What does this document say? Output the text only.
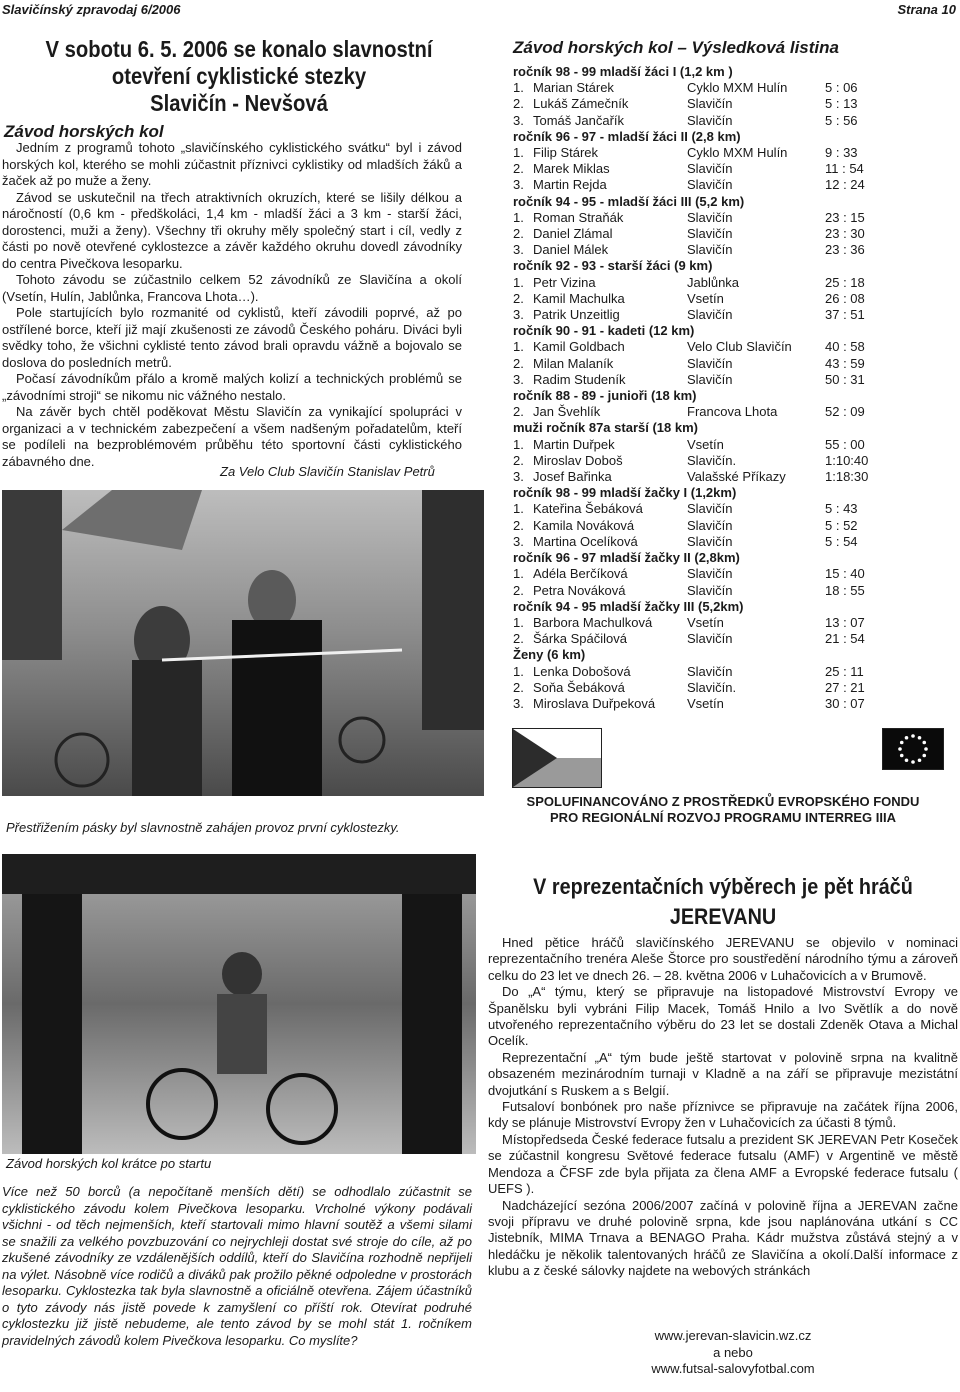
Slavičínský zpravodaj 6/2006	Strana 10
V sobotu 6. 5. 2006 se konalo slavnostní
otevření cyklistické stezky
Slavičín - Nevšová
Závod horských kol

Jedním z programů tohoto „slavičínského cyklistického svátku“ byl i závod horských kol, kterého se mohli zúčastnit příznivci cyklistiky od mladších žáků a žaček až po muže a ženy.

Závod se uskutečnil na třech atraktivních okruzích, které se lišily délkou a náročností (0,6 km - předškoláci, 1,4 km - mladší žáci a 3 km - starší žáci, dorostenci, muži a ženy). Všechny tři okruhy měly společný start i cíl, vedly z části po nově otevřené cyklostezce a závěr každého okruhu dovedl závodníky do centra Pivečkova lesoparku.

Tohoto závodu se zúčastnilo celkem 52 závodníků ze Slavičína a okolí (Vsetín, Hulín, Jablůnka, Francova Lhota…).

Pole startujících bylo rozmanité od cyklistů, kteří závodili poprvé, až po ostřílené borce, kteří již mají zkušenosti ze závodů Českého poháru. Diváci byli svědky toho, že všichni cyklisté tento závod brali opravdu vážně a bojovalo se doslova do posledních metrů.

Počasí závodníkům přálo a kromě malých kolizí a technických problémů se „závodními stroji“ se nikomu nic vážného nestalo.

Na závěr bych chtěl poděkovat Městu Slavičín za vynikající spolupráci v organizaci a v technickém zabezpečení a všem nadšeným pořadatelům, kteří se podíleli na bezproblémovém průběhu této sportovní části cyklistického zábavného dne.

Za Velo Club Slavičín Stanislav Petrů
Přestřižením pásky byl slavnostně zahájen provoz první cyklostezky.
Závod horských kol krátce po startu
Více než 50 borců (a nepočítaně menších dětí) se odhodlalo zúčastnit se cyklistického závodu kolem Pivečkova lesoparku. Vrcholné výkony podávali všichni - od těch nejmenších, kteří startovali mimo hlavní soutěž a všemi silami se snažili za velkého povzbuzování co nejrychleji dostat své stroje do cíle, až po zkušené závodníky ze vzdálenějších oddílů, kteří do Slavičína rozhodně nepřijeli na výlet. Násobně více rodičů a diváků pak prožilo pěkné odpoledne v prostorách lesoparku. Cyklostezka tak byla slavnostně a oficiálně otevřena. Zájem účastníků o tyto závody nás jistě povede k zamyšlení co příští rok. Otevírat podruhé cyklostezku již jistě nebudeme, ale tento závod by se mohl stát 1. ročníkem pravidelných závodů kolem Pivečkova lesoparku. Co myslíte?
Závod horských kol – Výsledková listina
ročník 98 - 99 mladší žáci I (1,2 km )
1. Marian Stárek	Cyklo MXM Hulín	5 : 06
2. Lukáš Zámečník	Slavičín	5 : 13
3. Tomáš Jančařík	Slavičín	5 : 56
ročník 96 - 97 - mladší žáci II (2,8 km)
1. Filip Stárek	Cyklo MXM Hulín	9 : 33
2. Marek Miklas	Slavičín	11 : 54
3. Martin Rejda	Slavičín	12 : 24
ročník 94 - 95 - mladší žáci III (5,2 km)
1. Roman Straňák	Slavičín	23 : 15
2. Daniel Zlámal	Slavičín	23 : 30
3. Daniel Málek	Slavičín	23 : 36
ročník 92 - 93 - starší žáci (9 km)
1. Petr Vizina	Jablůnka	25 : 18
2. Kamil Machulka	Vsetín	26 : 08
3. Patrik Unzeitlig	Slavičín	37 : 51
ročník 90 - 91 - kadeti (12 km)
1. Kamil Goldbach	Velo Club Slavičín	40 : 58
2. Milan Malaník	Slavičín	43 : 59
3. Radim Studeník	Slavičín	50 : 31
ročník 88 - 89 - junioři (18 km)
2. Jan Švehlík	Francova Lhota	52 : 09
muži ročník 87a starší (18 km)
1. Martin Duřpek	Vsetín	55 : 00
2. Miroslav Doboš	Slavičín.	1:10:40
3. Josef Bařinka	Valašské Příkazy	1:18:30
ročník 98 - 99 mladší žačky I (1,2km)
1. Kateřina Šebáková	Slavičín	5 : 43
2. Kamila Nováková	Slavičín	5 : 52
3. Martina Ocelíková	Slavičín	5 : 54
ročník 96 - 97 mladší žačky II (2,8km)
1. Adéla Berčíková	Slavičín	15 : 40
2. Petra Nováková	Slavičín	18 : 55
ročník 94 - 95 mladší žačky III (5,2km)
1. Barbora Machulková	Vsetín	13 : 07
2. Šárka Spáčilová	Slavičín	21 : 54
Ženy (6 km)
1. Lenka Dobošová	Slavičín	25 : 11
2. Soňa Šebáková	Slavičín.	27 : 21
3. Miroslava Duřpeková	Vsetín	30 : 07
SPOLUFINANCOVÁNO Z PROSTŘEDKŮ EVROPSKÉHO FONDU
PRO REGIONÁLNÍ ROZVOJ PROGRAMU INTERREG IIIA
V reprezentačních výběrech je pět hráčů
JEREVANU

Hned pětice hráčů slavičínského JEREVANU se objevilo v nominaci reprezentačního trenéra Aleše Štorce pro soustředění národního týmu a zároveň celku do 23 let ve dnech 26. – 28. května 2006 v Luhačovicích a v Brumově.

Do „A“ týmu, který se připravuje na listopadové Mistrovství Evropy ve Španělsku byli vybráni Filip Macek, Tomáš Hnilo a Ivo Světlík a do nově utvořeného reprezentačního výběru do 23 let se dostali Zdeněk Otava a Michal Ocelík.

Reprezentační „A“ tým bude ještě startovat v polovině srpna na kvalitně obsazeném mezinárodním turnaji v Kladně a na září se připravuje mezistátní dvojutkání s Ruskem a s Belgií.

Futsaloví bonbónek pro naše příznivce se připravuje na začátek října 2006, kdy se plánuje Mistrovství Evropy žen v Luhačovicích za účasti 8 týmů.

Místopředseda České federace futsalu a prezident SK JEREVAN Petr Koseček se zúčastnil kongresu Světové federace futsalu (AMF) v Argentině ve městě Mendoza a ČFSF zde byla přijata za člena AMF a Evropské federace futsalu ( UEFS ).

Nadcházející sezóna 2006/2007 začíná v polovině října a JEREVAN začne svoji přípravu ve druhé polovině srpna, kde jsou naplánována utkání s CC Jistebník, MIMA Trnava a BENAGO Praha. Kádr mužstva zůstává stejný a v hledáčku je několik talentovaných hráčů ze Slavičína a okolí.Další informace z klubu a z české sálovky najdete na webových stránkách

www.jerevan-slavicin.wz.cz
a nebo
www.futsal-salovyfotbal.com
